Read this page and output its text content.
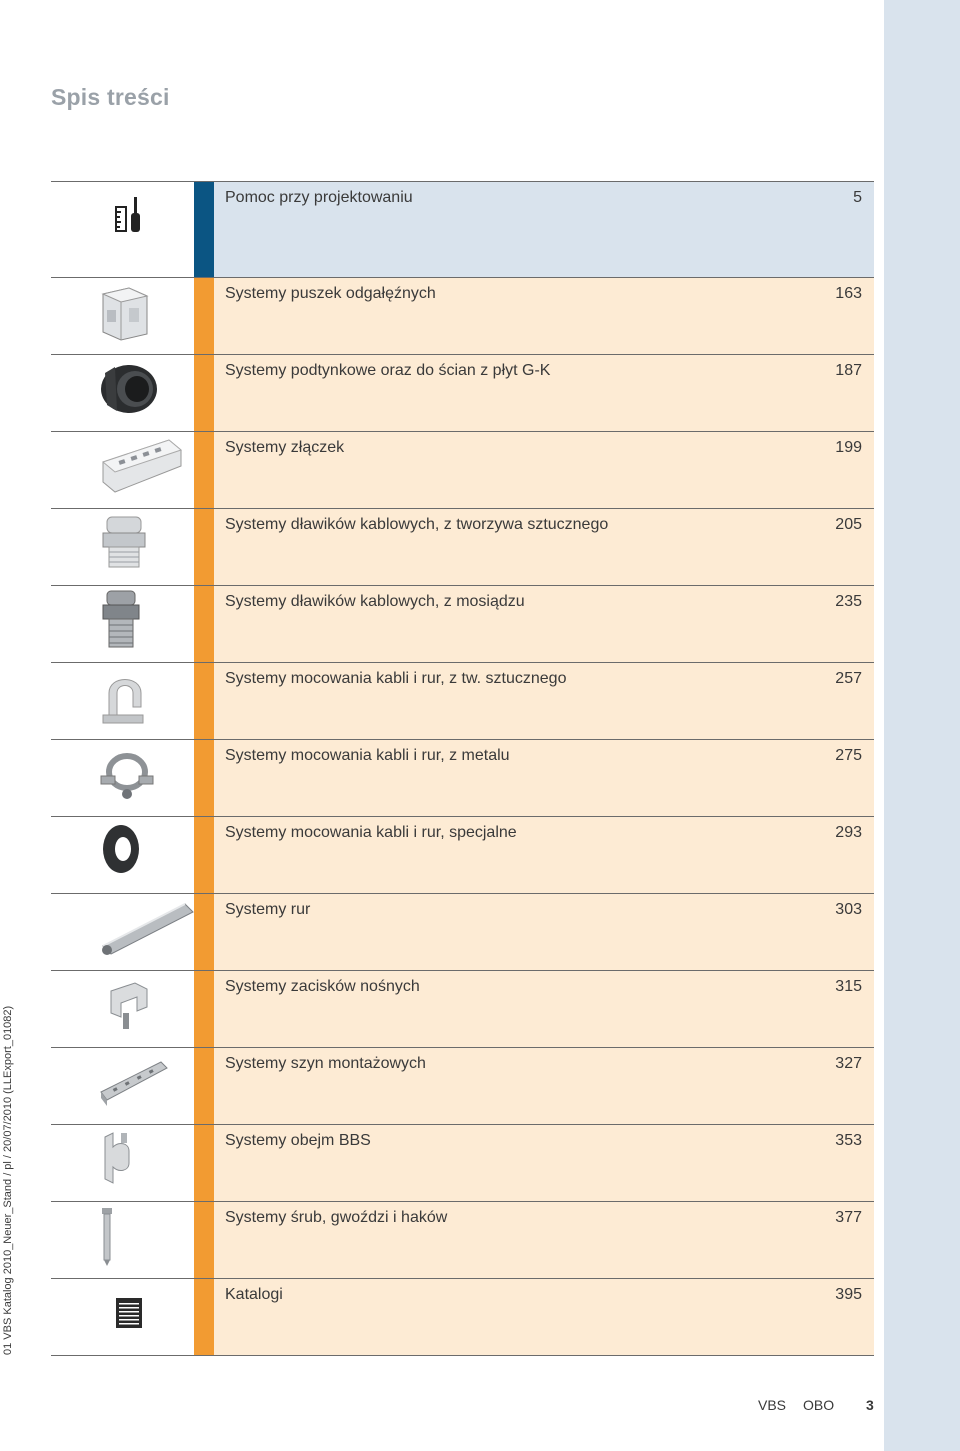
Spis treści
Pomoc przy projektowaniu	5
Systemy puszek odgałęźnych	163
Systemy podtynkowe oraz do ścian z płyt G-K	187
Systemy złączek	199
Systemy dławików kablowych, z tworzywa sztucznego	205
Systemy dławików kablowych, z mosiądzu	235
Systemy mocowania kabli i rur, z tw. sztucznego	257
Systemy mocowania kabli i rur, z metalu	275
Systemy mocowania kabli i rur, specjalne	293
Systemy rur	303
Systemy zacisków nośnych	315
Systemy szyn montażowych	327
Systemy obejm BBS	353
Systemy śrub, gwoździ i haków	377
Katalogi	395
01 VBS Katalog 2010_Neuer_Stand / pl / 20/07/2010 (LLExport_01082)
VBS OBO 3
